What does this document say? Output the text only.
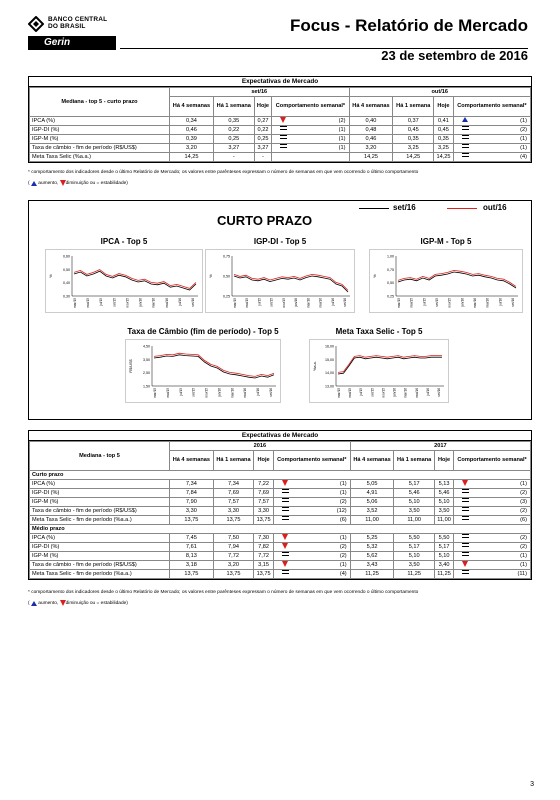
BANCO CENTRAL
DO BRASIL
Gerin
Focus - Relatório de Mercado
23 de setembro de 2016
Expectativas de Mercado
Mediana - top 5 - curto prazo	set/16				out/16			
	Há 4 semanas	Há 1 semana	Hoje	Comportamento semanal*	Há 4 semanas	Há 1 semana	Hoje	Comportamento semanal*
IPCA (%)	0,34	0,35	0,27	(2)	0,40	0,37	0,41	(1)
IGP-DI (%)	0,46	0,22	0,22	(1)	0,48	0,45	0,45	(2)
IGP-M (%)	0,39	0,25	0,25	(1)	0,46	0,35	0,35	(1)
Taxa de câmbio - fim de período (R$/US$)	3,20	3,27	3,27	(1)	3,20	3,25	3,25	(1)
Meta Taxa Selic (%a.a.)	14,25	-	-		14,25	14,25	14,25	(4)
* comportamento dos indicadores desde o último Relatório de Mercado; os valores entre parênteses expressam o número de semanas em que vem ocorrendo o último comportamento
(  aumento, diminuição ou = estabilidade)
CURTO PRAZO
set/16	out/16
IPCA - Top 5
0,60
0,50
0,40
0,30
%
mar/15	mai/15	jul/15	set/15	nov/15	jan/16	mar/16	mai/16	jul/16	set/16
IGP-DI - Top 5
0,75
0,50
0,25
%
mar/15	mai/15	jul/15	set/15	nov/15	jan/16	mar/16	mai/16	jul/16	set/16
IGP-M - Top 5
1,00
0,75
0,50
0,25
%
mar/15	mai/15	jul/15	set/15	nov/15	jan/16	mar/16	mai/16	jul/16	set/16
Taxa de Câmbio (fim de período) - Top 5
4,50
3,50
2,50
1,50
R$/US$
mar/15	mai/15	jul/15	set/15	nov/15	jan/16	mar/16	mai/16	jul/16	set/16
Meta Taxa Selic - Top 5
16,00
15,00
14,00
13,00
%a.a.
mar/15 mai/15 jul/15 set/15 nov/15 jan/16 mar/16 mai/16 jul/16 set/16
Expectativas de Mercado
Mediana - top 5	2016				2017			
	Há 4 semanas	Há 1 semana	Hoje	Comportamento semanal*	Há 4 semanas	Há 1 semana	Hoje	Comportamento semanal*
Curto prazo								
IPCA (%)	7,34	7,34	7,22	(1)	5,05	5,17	5,13	(1)
IGP-DI (%)	7,84	7,69	7,69	(1)	4,91	5,46	5,46	(2)
IGP-M (%)	7,90	7,57	7,57	(2)	5,06	5,10	5,10	(3)
Taxa de câmbio - fim de período (R$/US$)	3,30	3,30	3,30	(12)	3,52	3,50	3,50	(2)
Meta Taxa Selic - fim de período (%a.a.)	13,75	13,75	13,75	(6)	11,00	11,00	11,00	(6)
Médio prazo								
IPCA (%)	7,45	7,50	7,30	(1)	5,25	5,50	5,50	(2)
IGP-DI (%)	7,61	7,94	7,82	(2)	5,32	5,17	5,17	(2)
IGP-M (%)	8,13	7,72	7,72	(2)	5,62	5,10	5,10	(1)
Taxa de câmbio - fim de período (R$/US$)	3,18	3,20	3,15	(1)	3,43	3,50	3,40	(1)
Meta Taxa Selic - fim de período (%a.a.)	13,75	13,75	13,75	(4)	11,25	11,25	11,25	(11)
* comportamento dos indicadores desde o último Relatório de Mercado; os valores entre parênteses expressam o número de semanas em que vem ocorrendo o último comportamento
(  aumento, diminuição ou = estabilidade)
3
